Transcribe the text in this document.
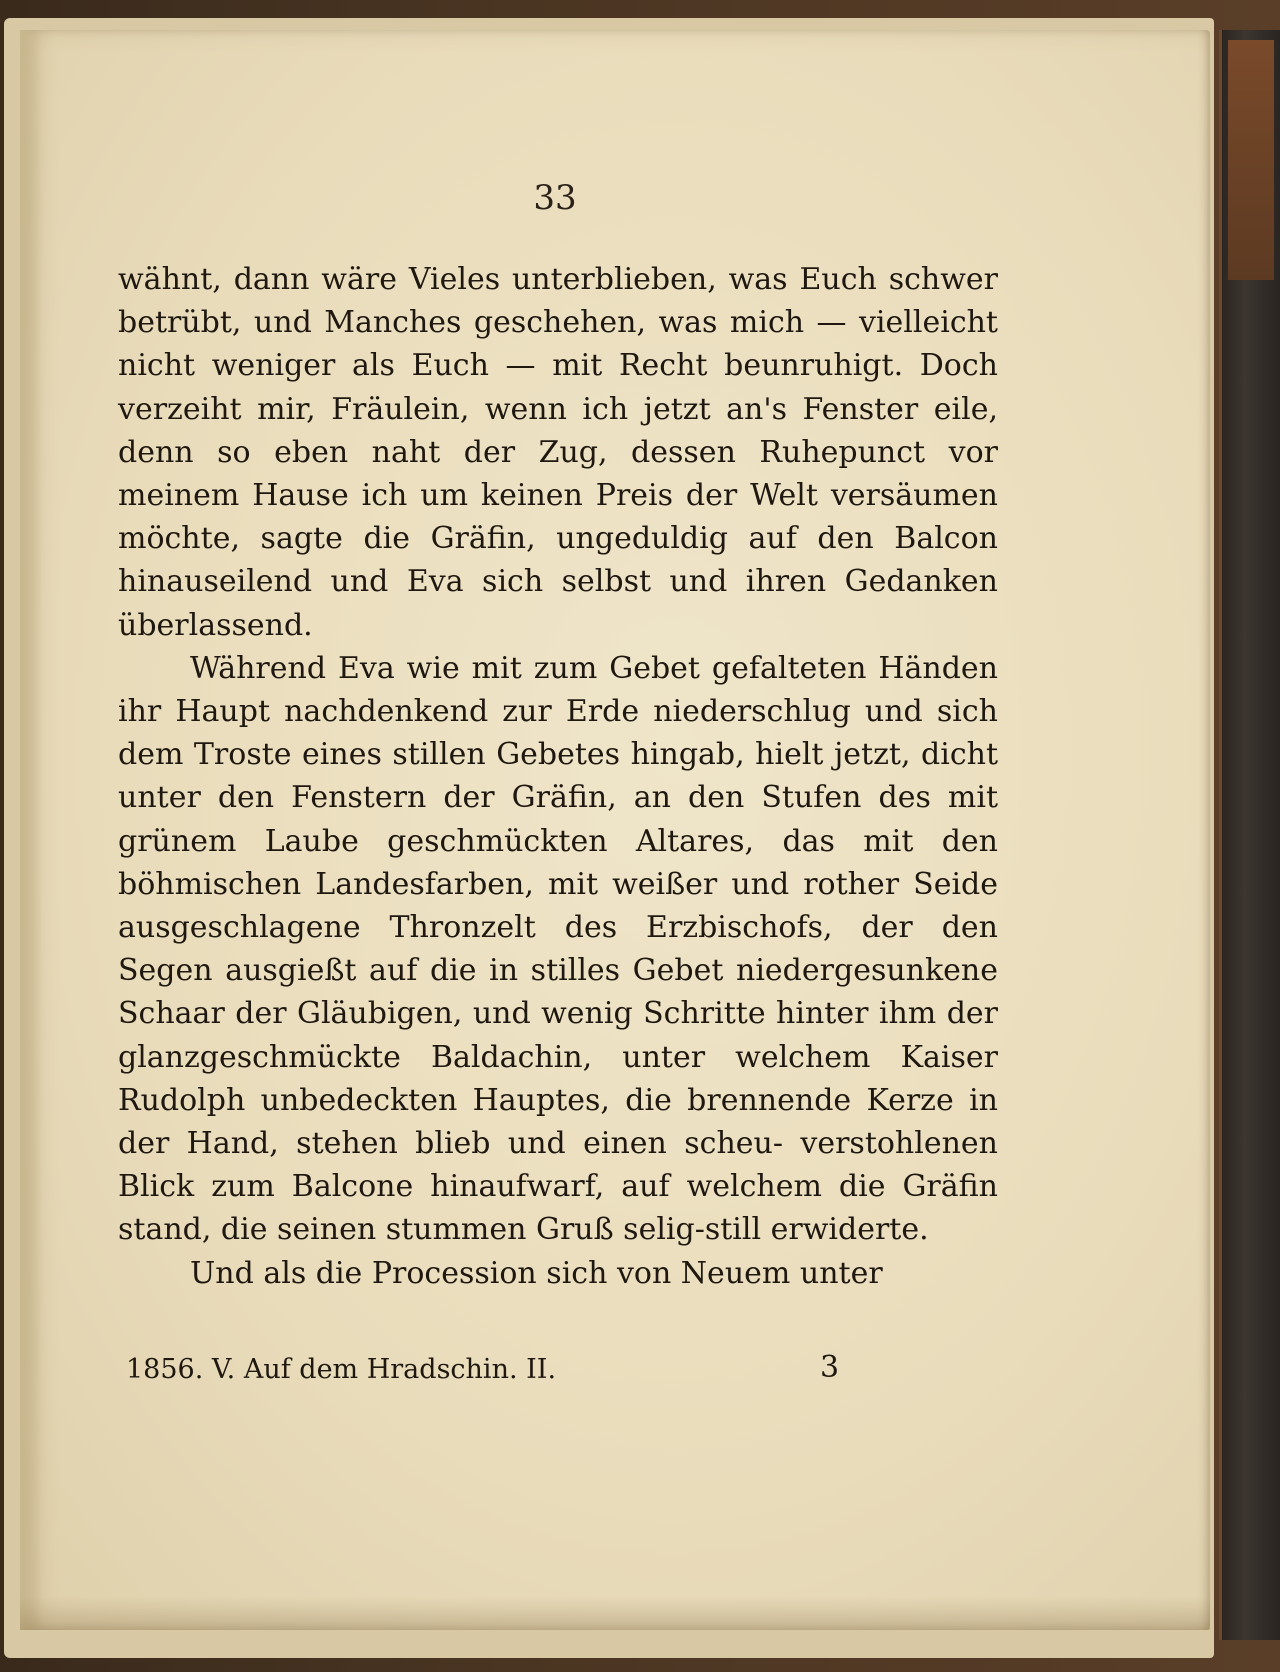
33

wähnt, dann wäre Vieles unterblieben, was Euch schwer betrübt, und Manches geschehen, was mich — vielleicht nicht weniger als Euch — mit Recht beunruhigt. Doch verzeiht mir, Fräulein, wenn ich jetzt an's Fenster eile, denn so eben naht der Zug, dessen Ruhepunct vor meinem Hause ich um keinen Preis der Welt versäumen möchte, sagte die Gräfin, ungeduldig auf den Balcon hinauseilend und Eva sich selbst und ihren Gedanken überlassend.

Während Eva wie mit zum Gebet gefalteten Händen ihr Haupt nachdenkend zur Erde niederschlug und sich dem Troste eines stillen Gebetes hingab, hielt jetzt, dicht unter den Fenstern der Gräfin, an den Stufen des mit grünem Laube geschmückten Altares, das mit den böhmischen Landesfarben, mit weißer und rother Seide ausgeschlagene Thronzelt des Erzbischofs, der den Segen ausgießt auf die in stilles Gebet niedergesunkene Schaar der Gläubigen, und wenig Schritte hinter ihm der glanzgeschmückte Baldachin, unter welchem Kaiser Rudolph unbedeckten Hauptes, die brennende Kerze in der Hand, stehen blieb und einen scheu- verstohlenen Blick zum Balcone hinaufwarf, auf welchem die Gräfin stand, die seinen stummen Gruß selig-still erwiderte.

Und als die Procession sich von Neuem unter

1856. V. Auf dem Hradschin. II.	3
